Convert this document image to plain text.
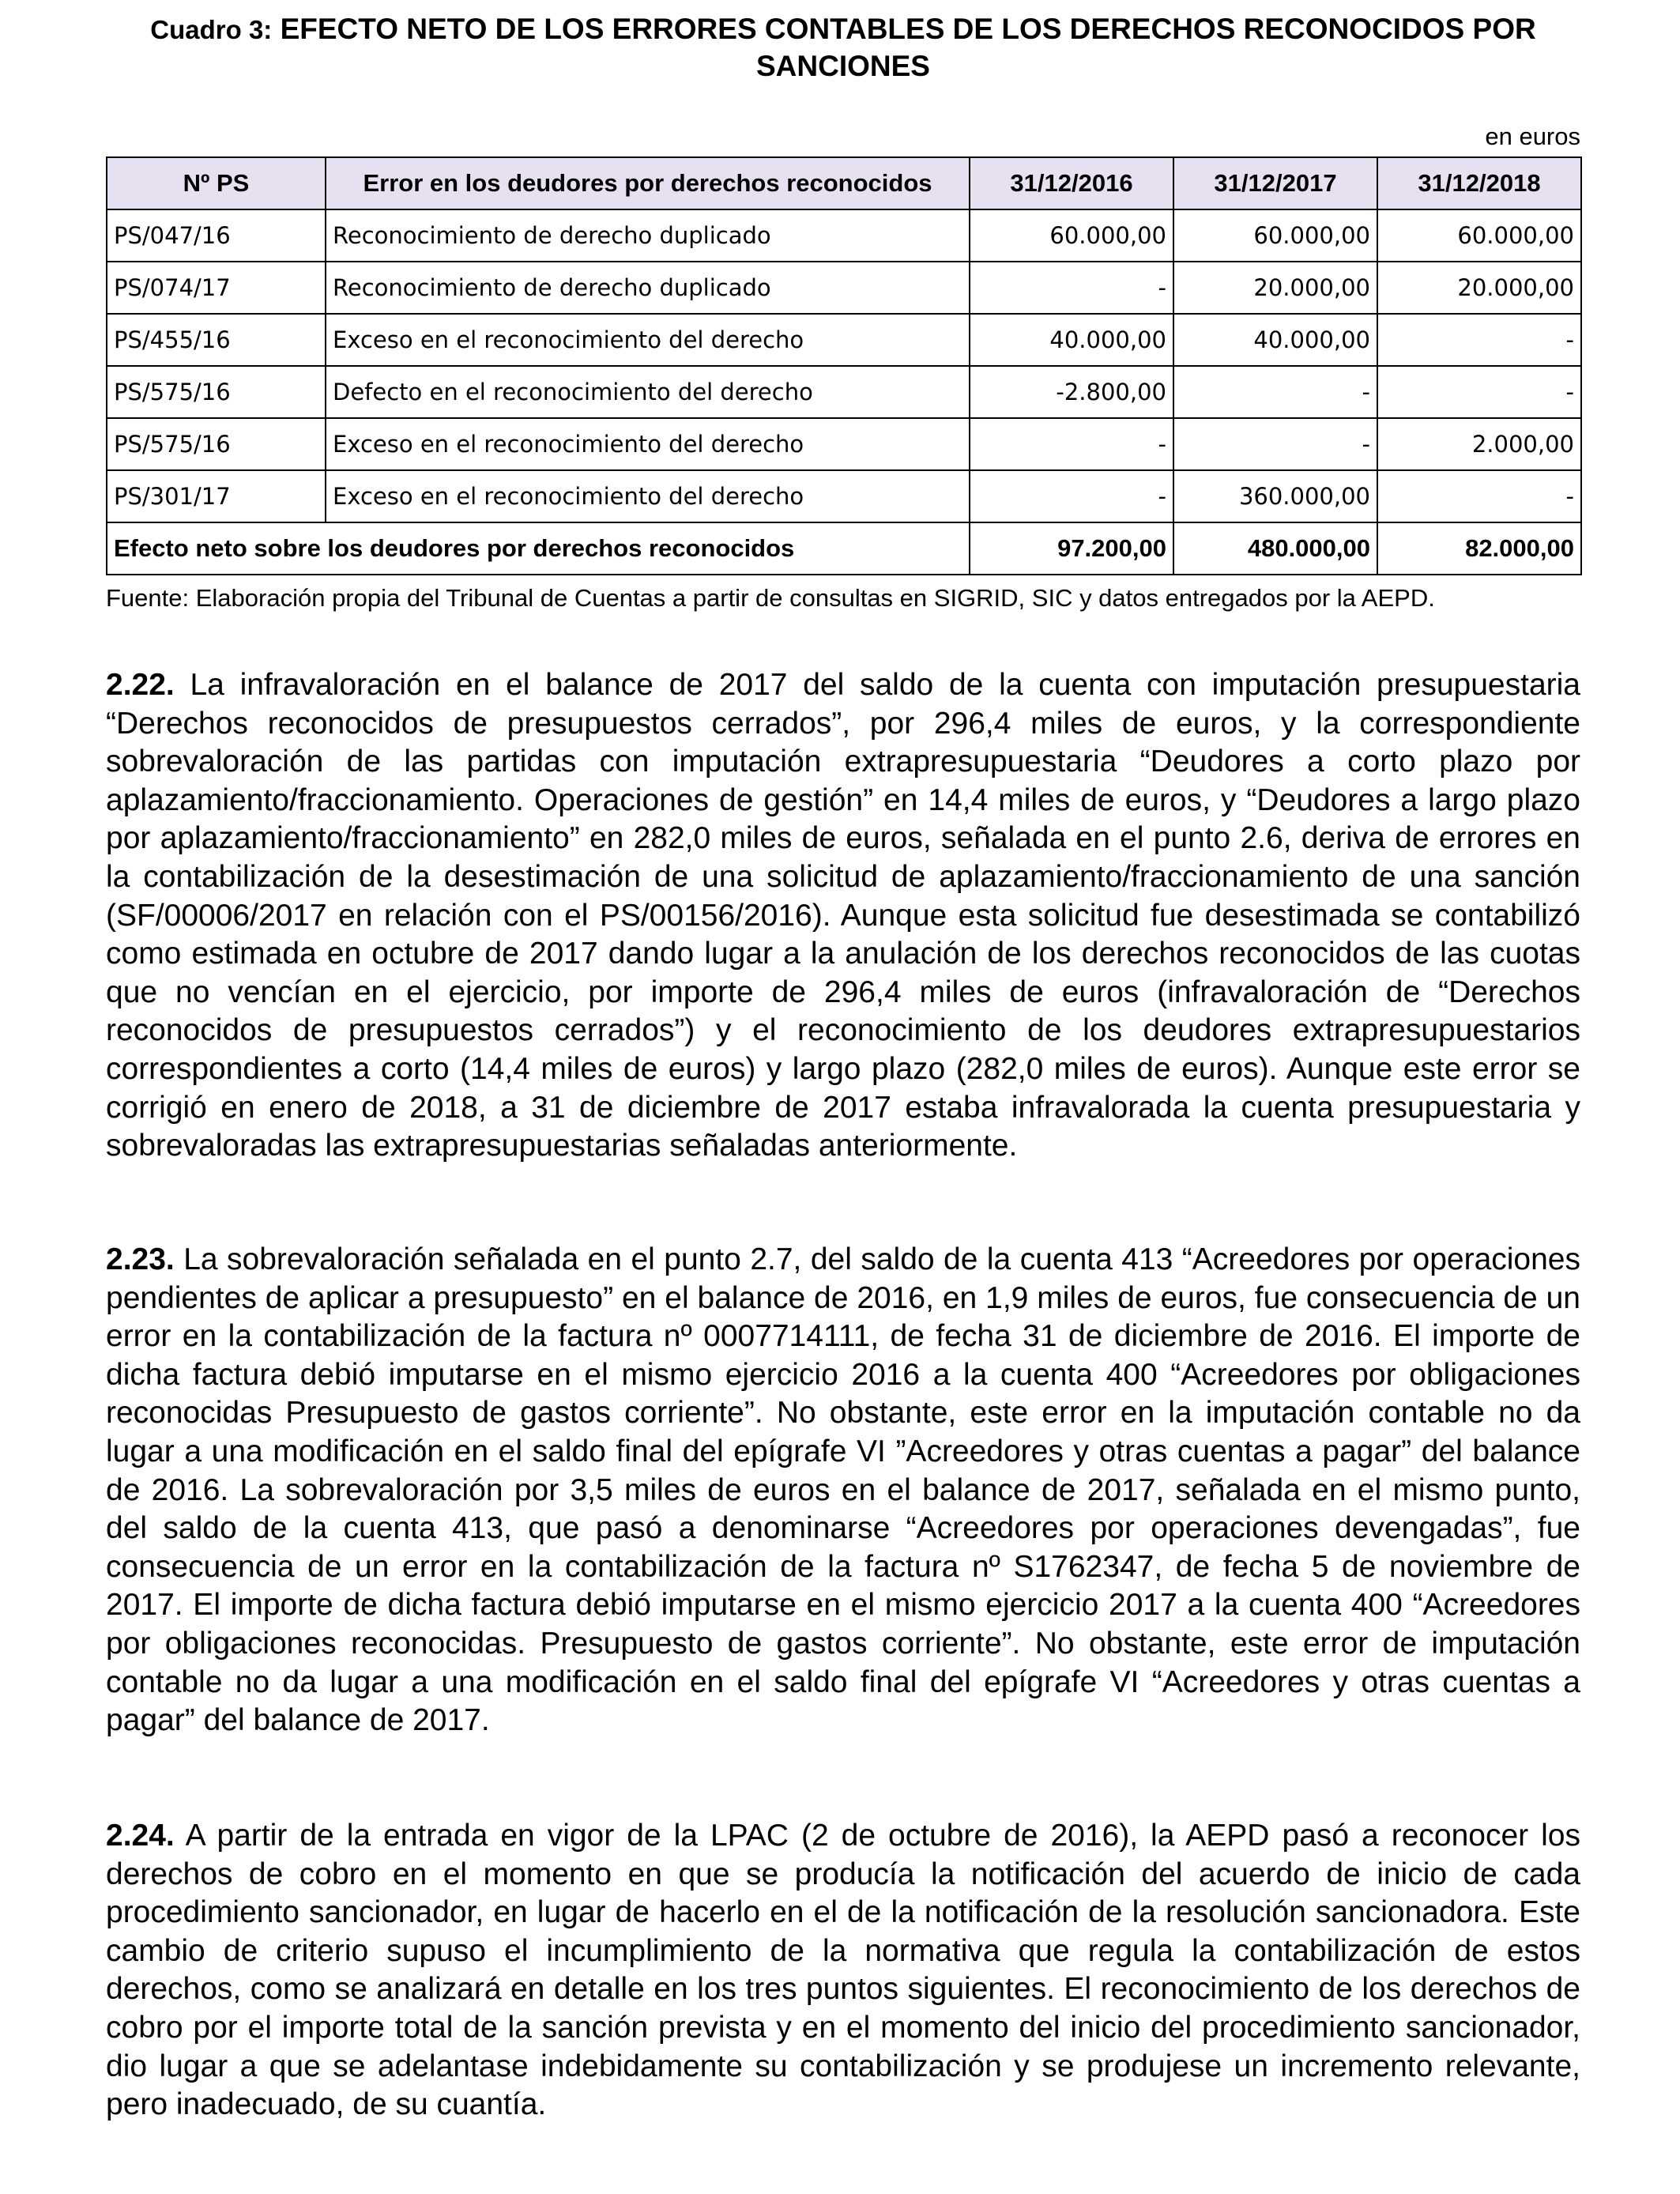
Cuadro 3: EFECTO NETO DE LOS ERRORES CONTABLES DE LOS DERECHOS RECONOCIDOS POR SANCIONES
en euros
Nº PS	Error en los deudores por derechos reconocidos	31/12/2016	31/12/2017	31/12/2018
PS/047/16	Reconocimiento de derecho duplicado	60.000,00	60.000,00	60.000,00
PS/074/17	Reconocimiento de derecho duplicado	-	20.000,00	20.000,00
PS/455/16	Exceso en el reconocimiento del derecho	40.000,00	40.000,00	-
PS/575/16	Defecto en el reconocimiento del derecho	-2.800,00	-	-
PS/575/16	Exceso en el reconocimiento del derecho	-	-	2.000,00
PS/301/17	Exceso en el reconocimiento del derecho	-	360.000,00	-
Efecto neto sobre los deudores por derechos reconocidos		97.200,00	480.000,00	82.000,00
Fuente: Elaboración propia del Tribunal de Cuentas a partir de consultas en SIGRID, SIC y datos entregados por la AEPD.

2.22. La infravaloración en el balance de 2017 del saldo de la cuenta con imputación presupuestaria “Derechos reconocidos de presupuestos cerrados”, por 296,4 miles de euros, y la correspondiente sobrevaloración de las partidas con imputación extrapresupuestaria “Deudores a corto plazo por aplazamiento/fraccionamiento. Operaciones de gestión” en 14,4 miles de euros, y “Deudores a largo plazo por aplazamiento/fraccionamiento” en 282,0 miles de euros, señalada en el punto 2.6, deriva de errores en la contabilización de la desestimación de una solicitud de aplazamiento/fraccionamiento de una sanción (SF/00006/2017 en relación con el PS/00156/2016). Aunque esta solicitud fue desestimada se contabilizó como estimada en octubre de 2017 dando lugar a la anulación de los derechos reconocidos de las cuotas que no vencían en el ejercicio, por importe de 296,4 miles de euros (infravaloración de “Derechos reconocidos de presupuestos cerrados”) y el reconocimiento de los deudores extrapresupuestarios correspondientes a corto (14,4 miles de euros) y largo plazo (282,0 miles de euros). Aunque este error se corrigió en enero de 2018, a 31 de diciembre de 2017 estaba infravalorada la cuenta presupuestaria y sobrevaloradas las extrapresupuestarias señaladas anteriormente.

2.23. La sobrevaloración señalada en el punto 2.7, del saldo de la cuenta 413 “Acreedores por operaciones pendientes de aplicar a presupuesto” en el balance de 2016, en 1,9 miles de euros, fue consecuencia de un error en la contabilización de la factura nº 0007714111, de fecha 31 de diciembre de 2016. El importe de dicha factura debió imputarse en el mismo ejercicio 2016 a la cuenta 400 “Acreedores por obligaciones reconocidas Presupuesto de gastos corriente”. No obstante, este error en la imputación contable no da lugar a una modificación en el saldo final del epígrafe VI ”Acreedores y otras cuentas a pagar” del balance de 2016. La sobrevaloración por 3,5 miles de euros en el balance de 2017, señalada en el mismo punto, del saldo de la cuenta 413, que pasó a denominarse “Acreedores por operaciones devengadas”, fue consecuencia de un error en la contabilización de la factura nº S1762347, de fecha 5 de noviembre de 2017. El importe de dicha factura debió imputarse en el mismo ejercicio 2017 a la cuenta 400 “Acreedores por obligaciones reconocidas. Presupuesto de gastos corriente”. No obstante, este error de imputación contable no da lugar a una modificación en el saldo final del epígrafe VI “Acreedores y otras cuentas a pagar” del balance de 2017.

2.24. A partir de la entrada en vigor de la LPAC (2 de octubre de 2016), la AEPD pasó a reconocer los derechos de cobro en el momento en que se producía la notificación del acuerdo de inicio de cada procedimiento sancionador, en lugar de hacerlo en el de la notificación de la resolución sancionadora. Este cambio de criterio supuso el incumplimiento de la normativa que regula la contabilización de estos derechos, como se analizará en detalle en los tres puntos siguientes. El reconocimiento de los derechos de cobro por el importe total de la sanción prevista y en el momento del inicio del procedimiento sancionador, dio lugar a que se adelantase indebidamente su contabilización y se produjese un incremento relevante, pero inadecuado, de su cuantía.
